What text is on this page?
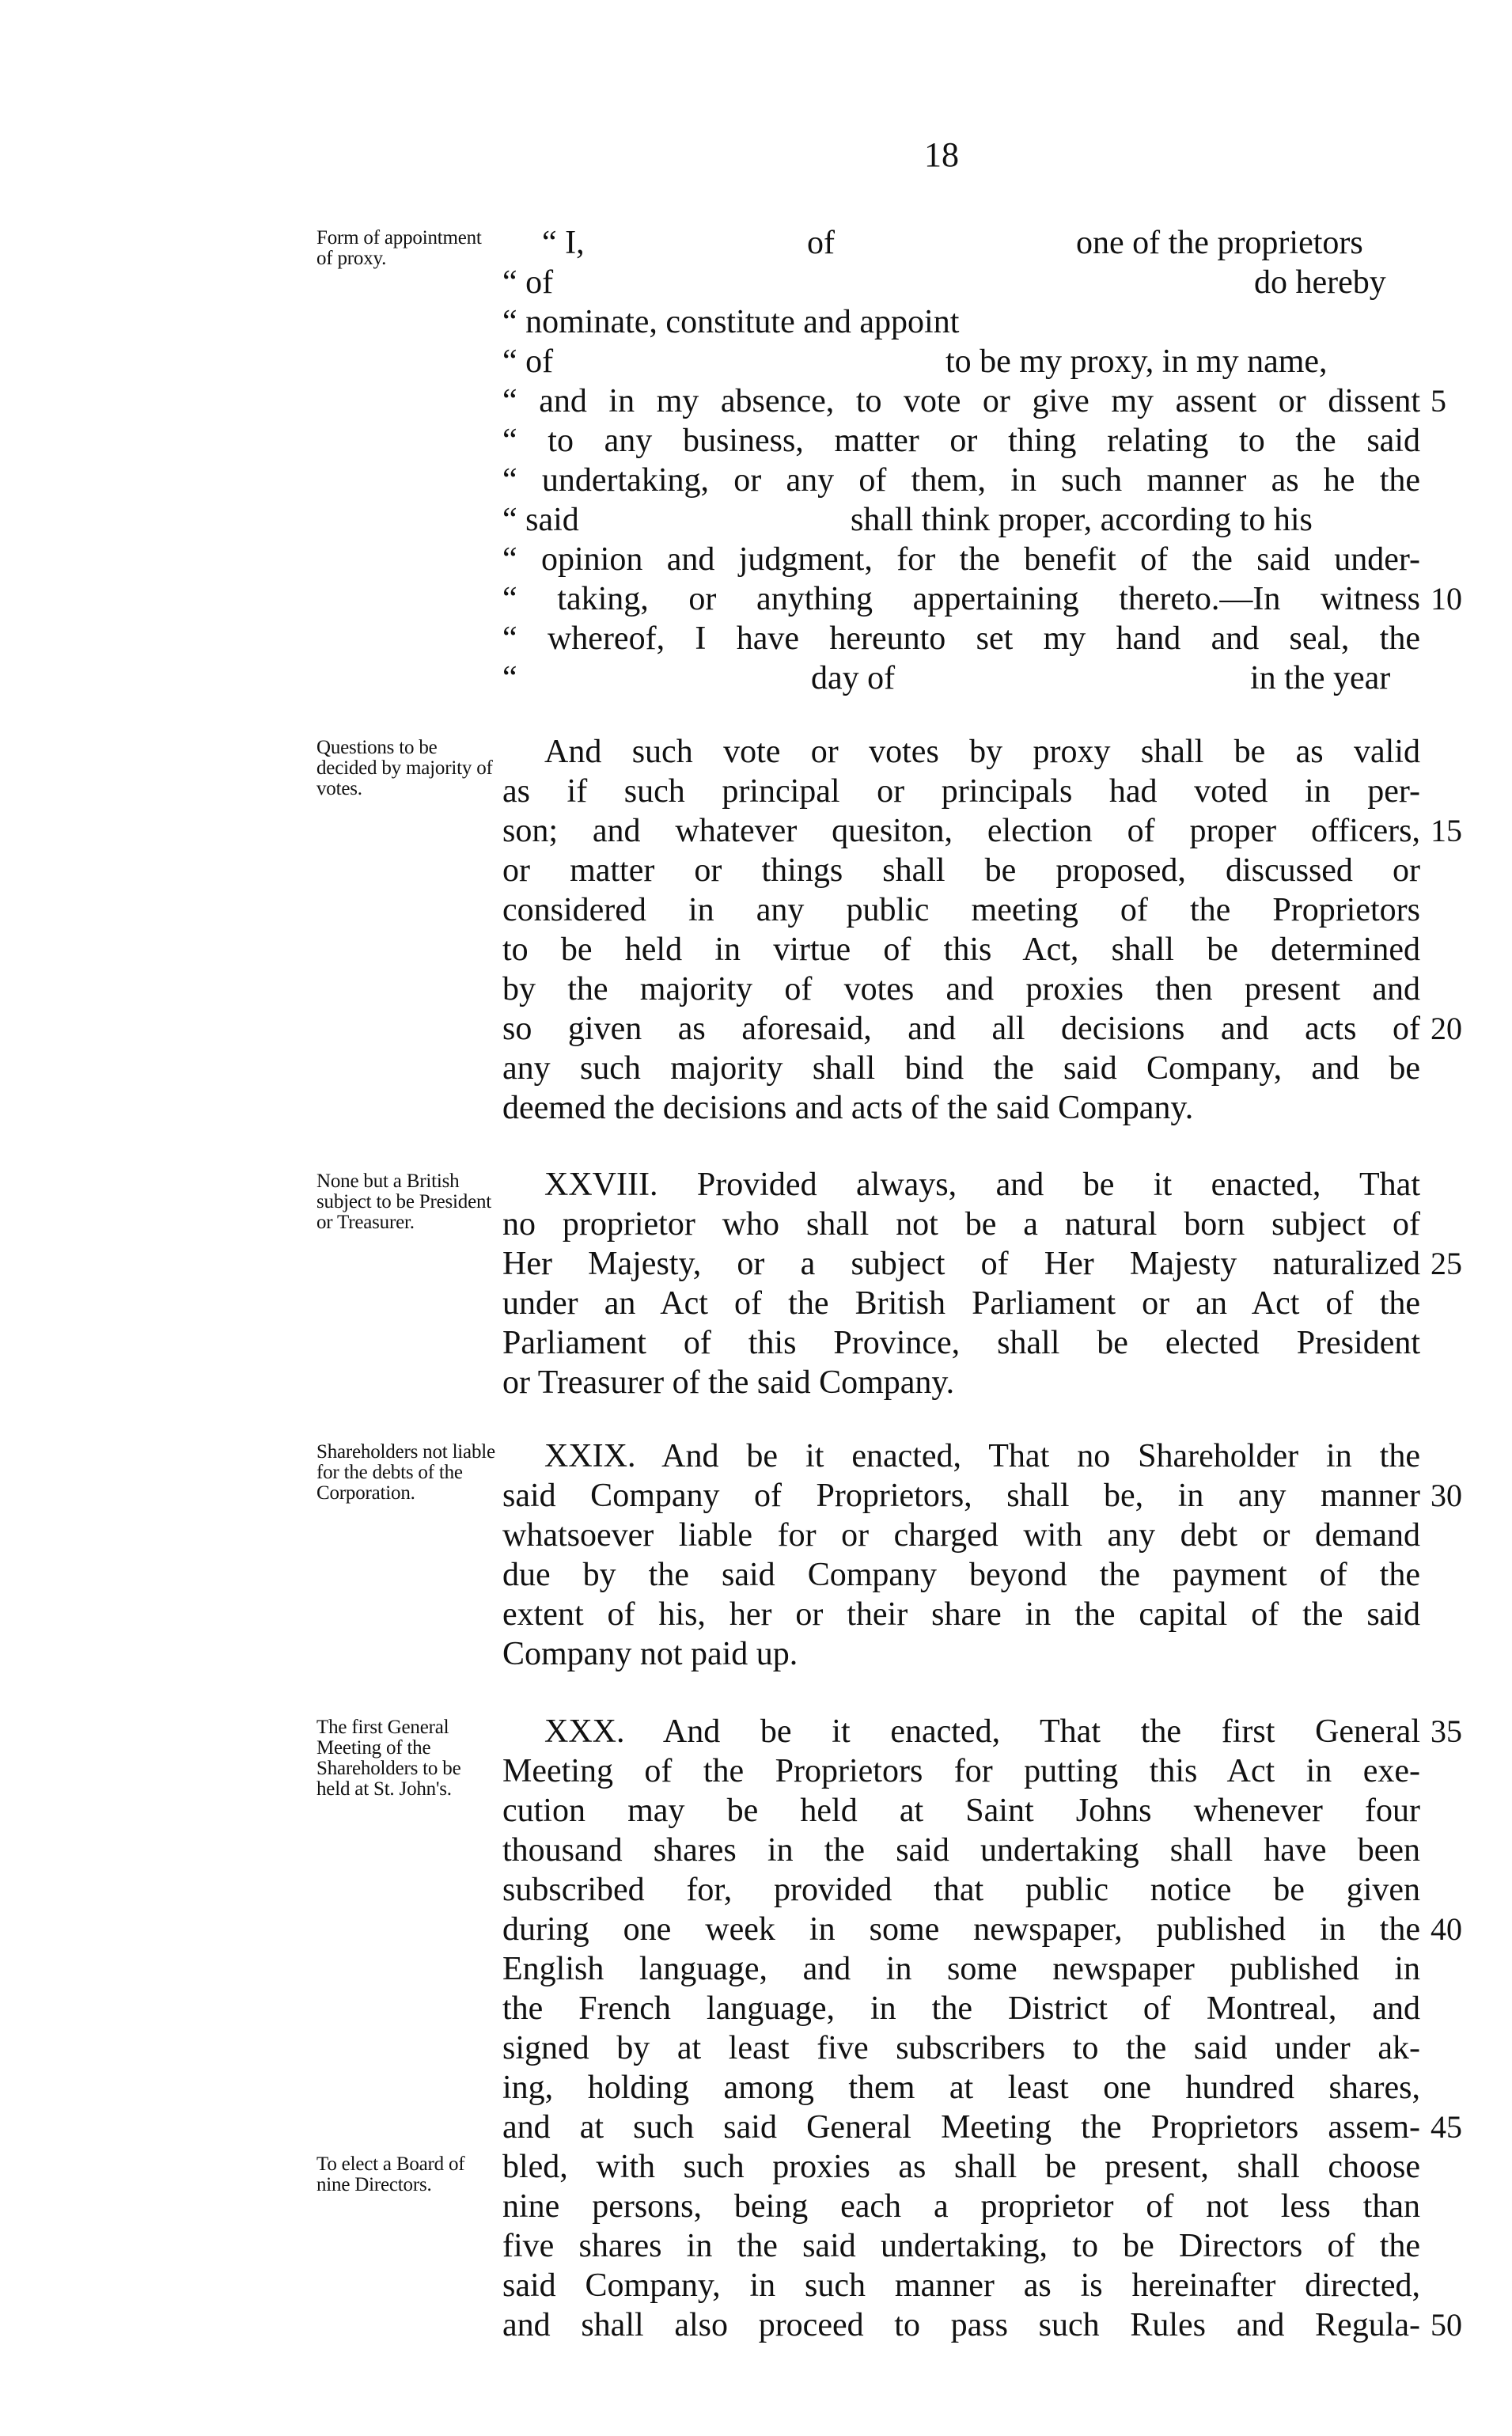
18
Form of appointment of proxy.	“ I,	of	one of the proprietors
“ of	do hereby
“ nominate, constitute and appoint
“ of	to be my proxy, in my name,
“ and in my absence, to vote or give my assent or dissent
“ to any business, matter or thing relating to the said
“ undertaking, or any of them, in such manner as he the
“ said	shall think proper, according to his
“ opinion and judgment, for the benefit of the said under-
“ taking, or anything appertaining thereto.—In witness
“ whereof, I have hereunto set my hand and seal, the
“	day of	in the year
Questions to be decided by majority of votes.
And such vote or votes by proxy shall be as valid
as if such principal or principals had voted in per-
son; and whatever quesiton, election of proper officers,
or matter or things shall be proposed, discussed or
considered in any public meeting of the Proprietors
to be held in virtue of this Act, shall be determined
by the majority of votes and proxies then present and
so given as aforesaid, and all decisions and acts of
any such majority shall bind the said Company, and be
deemed the decisions and acts of the said Company.
None but a British subject to be President or Treasurer.
XXVIII. Provided always, and be it enacted, That
no proprietor who shall not be a natural born subject of
Her Majesty, or a subject of Her Majesty naturalized
under an Act of the British Parliament or an Act of the
Parliament of this Province, shall be elected President
or Treasurer of the said Company.
Shareholders not liable for the debts of the Corporation.
XXIX. And be it enacted, That no Shareholder in the
said Company of Proprietors, shall be, in any manner
whatsoever liable for or charged with any debt or demand
due by the said Company beyond the payment of the
extent of his, her or their share in the capital of the said
Company not paid up.
The first General Meeting of the Shareholders to be held at St. John's.
XXX. And be it enacted, That the first General
Meeting of the Proprietors for putting this Act in exe-
cution may be held at Saint Johns whenever four
thousand shares in the said undertaking shall have been
subscribed for, provided that public notice be given
during one week in some newspaper, published in the
English language, and in some newspaper published in
the French language, in the District of Montreal, and
signed by at least five subscribers to the said under ak-
ing, holding among them at least one hundred shares,
and at such said General Meeting the Proprietors assem-
bled, with such proxies as shall be present, shall choose
nine persons, being each a proprietor of not less than
five shares in the said undertaking, to be Directors of the
said Company, in such manner as is hereinafter directed,
and shall also proceed to pass such Rules and Regula-
To elect a Board of nine Directors.
5
10
15
20
25
30
35
40
45
50
